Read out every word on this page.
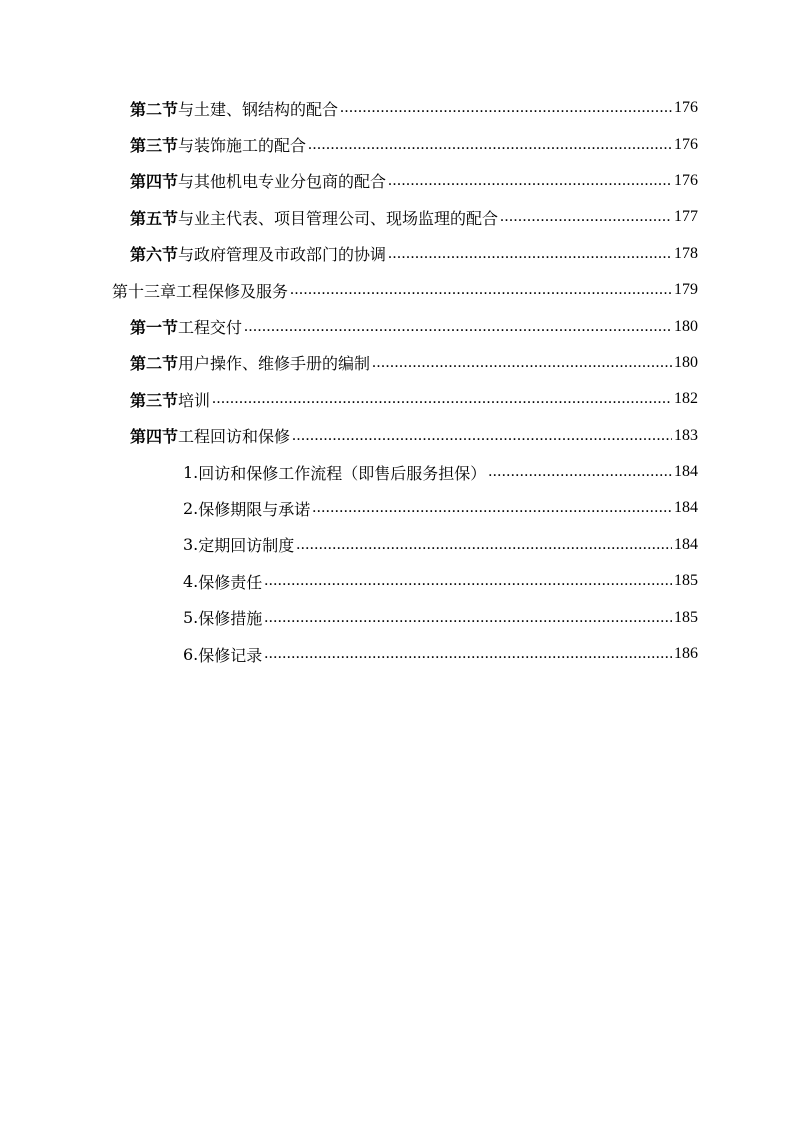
第二节 与土建、钢结构的配合 .....	176
第三节 与装饰施工的配合 .....	176
第四节 与其他机电专业分包商的配合 .....	176
第五节 与业主代表、项目管理公司、现场监理的配合 .....	177
第六节 与政府管理及市政部门的协调 .....	178
第十三章 工程保修及服务 .....	179
第一节 工程交付 .....	180
第二节 用户操作、维修手册的编制 .....	180
第三节 培训 .....	182
第四节 工程回访和保修 .....	183
1. 回访和保修工作流程（即售后服务担保） .....	184
2. 保修期限与承诺 .....	184
3. 定期回访制度 .....	184
4. 保修责任 .....	185
5. 保修措施 .....	185
6. 保修记录 .....	186
